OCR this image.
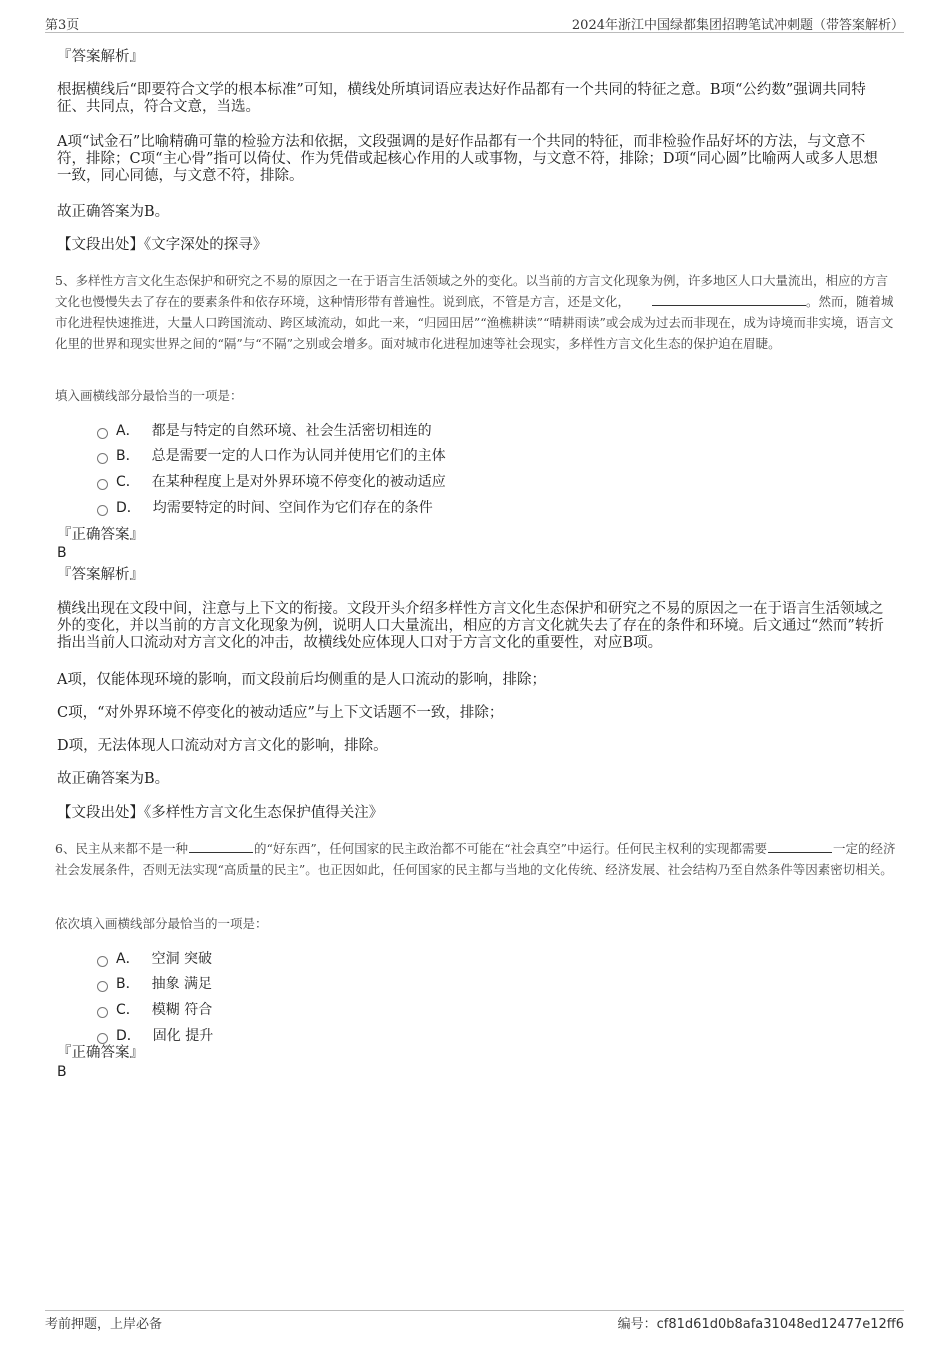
第3页	2024年浙江中国绿都集团招聘笔试冲刺题（带答案解析）
『答案解析』
根据横线后“即要符合文学的根本标准”可知，横线处所填词语应表达好作品都有一个共同的特征之意。B项“公约数”强调共同特征、共同点，符合文意，当选。
A项“试金石”比喻精确可靠的检验方法和依据，文段强调的是好作品都有一个共同的特征，而非检验作品好坏的方法，与文意不符，排除；C项“主心骨”指可以倚仗、作为凭借或起核心作用的人或事物，与文意不符，排除；D项“同心圆”比喻两人或多人思想一致，同心同德，与文意不符，排除。
故正确答案为B。
【文段出处】《文字深处的探寻》
5、多样性方言文化生态保护和研究之不易的原因之一在于语言生活领域之外的变化。以当前的方言文化现象为例，许多地区人口大量流出，相应的方言文化也慢慢失去了存在的要素条件和依存环境，这种情形带有普遍性。说到底，不管是方言，还是文化，	。然而，随着城市化进程快速推进，大量人口跨国流动、跨区域流动，如此一来，“归园田居”“渔樵耕读”“晴耕雨读”或会成为过去而非现在，成为诗境而非实境，语言文化里的世界和现实世界之间的“隔”与“不隔”之别或会增多。面对城市化进程加速等社会现实，多样性方言文化生态的保护迫在眉睫。
填入画横线部分最恰当的一项是：
A． 都是与特定的自然环境、社会生活密切相连的
B． 总是需要一定的人口作为认同并使用它们的主体
C． 在某种程度上是对外界环境不停变化的被动适应
D． 均需要特定的时间、空间作为它们存在的条件
『正确答案』
B
『答案解析』
横线出现在文段中间，注意与上下文的衔接。文段开头介绍多样性方言文化生态保护和研究之不易的原因之一在于语言生活领域之外的变化，并以当前的方言文化现象为例，说明人口大量流出，相应的方言文化就失去了存在的条件和环境。后文通过“然而”转折指出当前人口流动对方言文化的冲击，故横线处应体现人口对于方言文化的重要性，对应B项。
A项，仅能体现环境的影响，而文段前后均侧重的是人口流动的影响，排除；
C项，“对外界环境不停变化的被动适应”与上下文话题不一致，排除；
D项，无法体现人口流动对方言文化的影响，排除。
故正确答案为B。
【文段出处】《多样性方言文化生态保护值得关注》
6、民主从来都不是一种	的“好东西”，任何国家的民主政治都不可能在“社会真空”中运行。任何民主权利的实现都需要	一定的经济社会发展条件，否则无法实现“高质量的民主”。也正因如此，任何国家的民主都与当地的文化传统、经济发展、社会结构乃至自然条件等因素密切相关。
依次填入画横线部分最恰当的一项是：
A． 空洞 突破
B． 抽象 满足
C． 模糊 符合
D． 固化 提升
『正确答案』
B
考前押题，上岸必备	编号：cf81d61d0b8afa31048ed12477e12ff6
